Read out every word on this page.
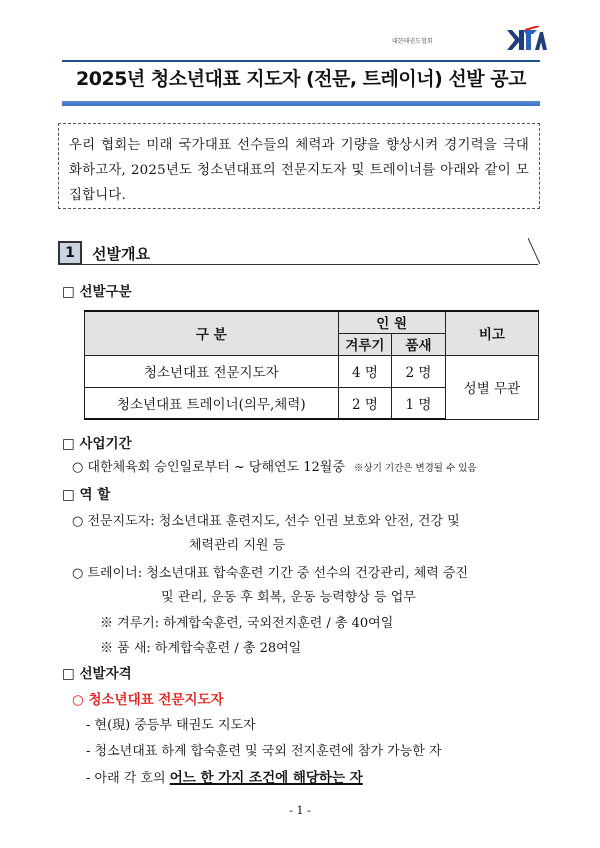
대한태권도협회
2025년 청소년대표 지도자 (전문, 트레이너) 선발 공고
우리 협회는 미래 국가대표 선수들의 체력과 기량을 향상시켜 경기력을 극대화하고자, 2025년도 청소년대표의 전문지도자 및 트레이너를 아래와 같이 모집합니다.
1	선발개요
□ 선발구분
구 분	인 원		비고
	겨루기	품새	
청소년대표 전문지도자	4 명	2 명	성별 무관
청소년대표 트레이너(의무,체력)	2 명	1 명	
□ 사업기간
○ 대한체육회 승인일로부터 ~ 당해연도 12월중 ※상기 기간은 변경될 수 있음
□ 역 할
○ 전문지도자: 청소년대표 훈련지도, 선수 인권 보호와 안전, 건강 및
체력관리 지원 등
○ 트레이너: 청소년대표 합숙훈련 기간 중 선수의 건강관리, 체력 증진
및 관리, 운동 후 회복, 운동 능력향상 등 업무
※ 겨루기: 하계합숙훈련, 국외전지훈련 / 총 40여일
※ 품 새: 하계합숙훈련 / 총 28여일
□ 선발자격
○ 청소년대표 전문지도자
- 현(現) 중등부 태권도 지도자
- 청소년대표 하계 합숙훈련 및 국외 전지훈련에 참가 가능한 자
- 아래 각 호의 어느 한 가지 조건에 해당하는 자
- 1 -
